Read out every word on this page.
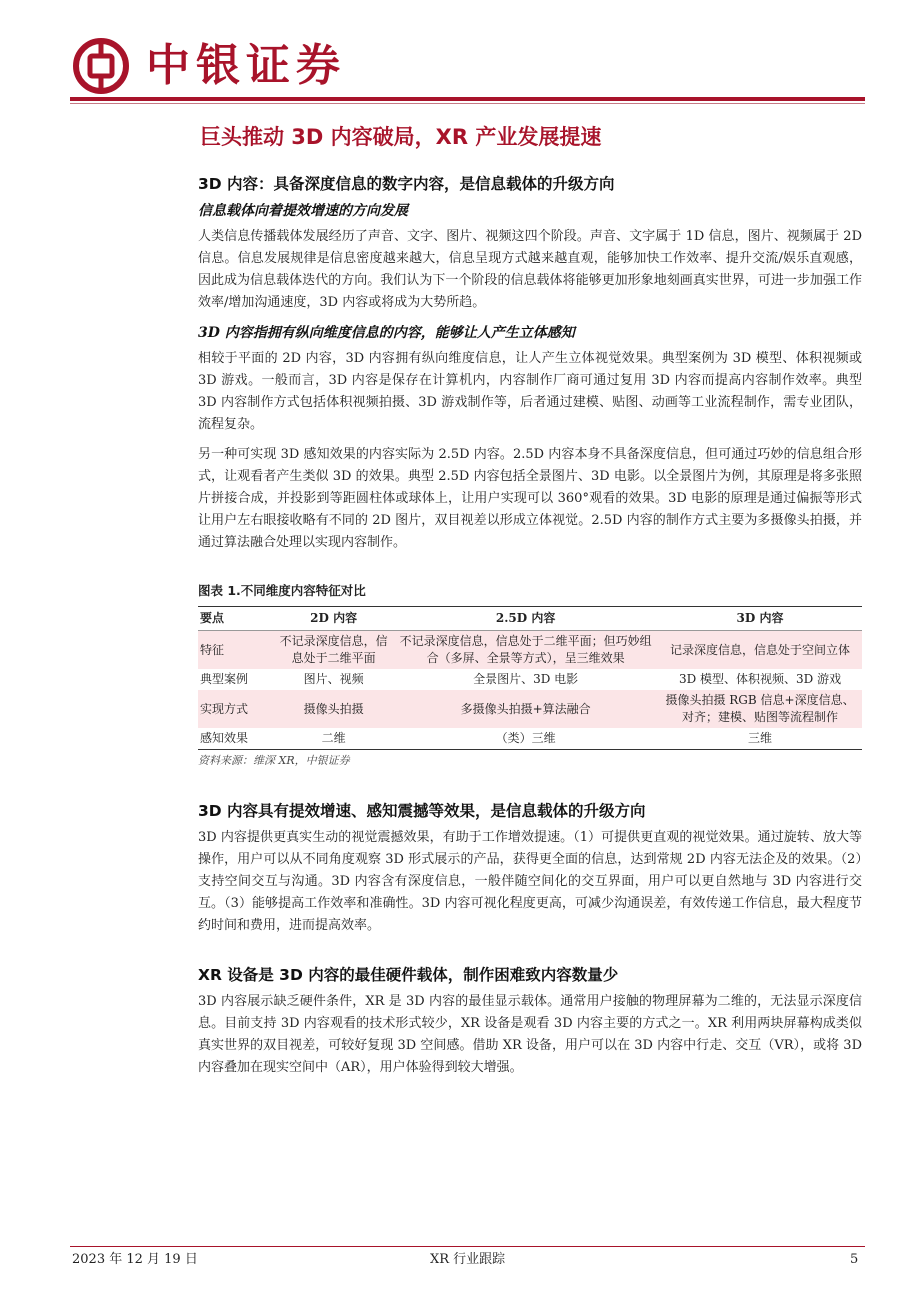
中银证券
巨头推动 3D 内容破局，XR 产业发展提速
3D 内容：具备深度信息的数字内容，是信息载体的升级方向
信息载体向着提效增速的方向发展

人类信息传播载体发展经历了声音、文字、图片、视频这四个阶段。声音、文字属于 1D 信息，图片、视频属于 2D 信息。信息发展规律是信息密度越来越大，信息呈现方式越来越直观，能够加快工作效率、提升交流/娱乐直观感，因此成为信息载体迭代的方向。我们认为下一个阶段的信息载体将能够更加形象地刻画真实世界，可进一步加强工作效率/增加沟通速度，3D 内容或将成为大势所趋。

3D 内容指拥有纵向维度信息的内容，能够让人产生立体感知

相较于平面的 2D 内容，3D 内容拥有纵向维度信息，让人产生立体视觉效果。典型案例为 3D 模型、体积视频或 3D 游戏。一般而言，3D 内容是保存在计算机内，内容制作厂商可通过复用 3D 内容而提高内容制作效率。典型 3D 内容制作方式包括体积视频拍摄、3D 游戏制作等，后者通过建模、贴图、动画等工业流程制作，需专业团队，流程复杂。

另一种可实现 3D 感知效果的内容实际为 2.5D 内容。2.5D 内容本身不具备深度信息，但可通过巧妙的信息组合形式，让观看者产生类似 3D 的效果。典型 2.5D 内容包括全景图片、3D 电影。以全景图片为例，其原理是将多张照片拼接合成，并投影到等距圆柱体或球体上，让用户实现可以 360°观看的效果。3D 电影的原理是通过偏振等形式让用户左右眼接收略有不同的 2D 图片，双目视差以形成立体视觉。2.5D 内容的制作方式主要为多摄像头拍摄，并通过算法融合处理以实现内容制作。

图表 1.不同维度内容特征对比
要点	2D 内容	2.5D 内容	3D 内容
特征	不记录深度信息，信息处于二维平面	不记录深度信息，信息处于二维平面；但巧妙组合（多屏、全景等方式），呈三维效果	记录深度信息，信息处于空间立体
典型案例	图片、视频	全景图片、3D 电影	3D 模型、体积视频、3D 游戏
实现方式	摄像头拍摄	多摄像头拍摄+算法融合	摄像头拍摄 RGB 信息+深度信息、对齐；建模、贴图等流程制作
感知效果	二维	（类）三维	三维
资料来源：维深 XR，中银证券
3D 内容具有提效增速、感知震撼等效果，是信息载体的升级方向

3D 内容提供更真实生动的视觉震撼效果，有助于工作增效提速。（1）可提供更直观的视觉效果。通过旋转、放大等操作，用户可以从不同角度观察 3D 形式展示的产品，获得更全面的信息，达到常规 2D 内容无法企及的效果。（2）支持空间交互与沟通。3D 内容含有深度信息，一般伴随空间化的交互界面，用户可以更自然地与 3D 内容进行交互。（3）能够提高工作效率和准确性。3D 内容可视化程度更高，可减少沟通误差，有效传递工作信息，最大程度节约时间和费用，进而提高效率。

XR 设备是 3D 内容的最佳硬件载体，制作困难致内容数量少

3D 内容展示缺乏硬件条件，XR 是 3D 内容的最佳显示载体。通常用户接触的物理屏幕为二维的，无法显示深度信息。目前支持 3D 内容观看的技术形式较少，XR 设备是观看 3D 内容主要的方式之一。XR 利用两块屏幕构成类似真实世界的双目视差，可较好复现 3D 空间感。借助 XR 设备，用户可以在 3D 内容中行走、交互（VR），或将 3D 内容叠加在现实空间中（AR），用户体验得到较大增强。

2023 年 12 月 19 日	XR 行业跟踪	5
